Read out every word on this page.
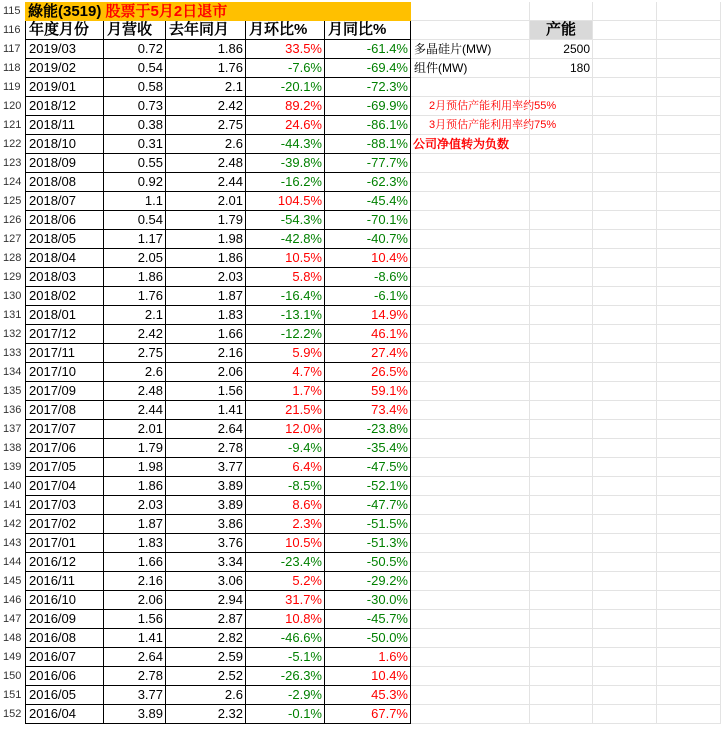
115 綠能(3519) 股票于5月2日退市
116 年度月份	月营收	去年同月	月环比%	月同比%	产能
117 2019/03	0.72	1.86	33.5%	-61.4% 多晶硅片(MW)	2500
118 2019/02	0.54	1.76	-7.6%	-69.4% 组件(MW)	180
119 2019/01	0.58	2.1	-20.1%	-72.3%
120 2018/12	0.73	2.42	89.2%	-69.9%	2月预估产能利用率约55%
121 2018/11	0.38	2.75	24.6%	-86.1%	3月预估产能利用率约75%
122 2018/10	0.31	2.6	-44.3%	-88.1% 公司净值转为负数
123 2018/09	0.55	2.48	-39.8%	-77.7%
124 2018/08	0.92	2.44	-16.2%	-62.3%
125 2018/07	1.1	2.01	104.5%	-45.4%
126 2018/06	0.54	1.79	-54.3%	-70.1%
127 2018/05	1.17	1.98	-42.8%	-40.7%
128 2018/04	2.05	1.86	10.5%	10.4%
129 2018/03	1.86	2.03	5.8%	-8.6%
130 2018/02	1.76	1.87	-16.4%	-6.1%
131 2018/01	2.1	1.83	-13.1%	14.9%
132 2017/12	2.42	1.66	-12.2%	46.1%
133 2017/11	2.75	2.16	5.9%	27.4%
134 2017/10	2.6	2.06	4.7%	26.5%
135 2017/09	2.48	1.56	1.7%	59.1%
136 2017/08	2.44	1.41	21.5%	73.4%
137 2017/07	2.01	2.64	12.0%	-23.8%
138 2017/06	1.79	2.78	-9.4%	-35.4%
139 2017/05	1.98	3.77	6.4%	-47.5%
140 2017/04	1.86	3.89	-8.5%	-52.1%
141 2017/03	2.03	3.89	8.6%	-47.7%
142 2017/02	1.87	3.86	2.3%	-51.5%
143 2017/01	1.83	3.76	10.5%	-51.3%
144 2016/12	1.66	3.34	-23.4%	-50.5%
145 2016/11	2.16	3.06	5.2%	-29.2%
146 2016/10	2.06	2.94	31.7%	-30.0%
147 2016/09	1.56	2.87	10.8%	-45.7%
148 2016/08	1.41	2.82	-46.6%	-50.0%
149 2016/07	2.64	2.59	-5.1%	1.6%
150 2016/06	2.78	2.52	-26.3%	10.4%
151 2016/05	3.77	2.6	-2.9%	45.3%
152 2016/04	3.89	2.32	-0.1%	67.7%
